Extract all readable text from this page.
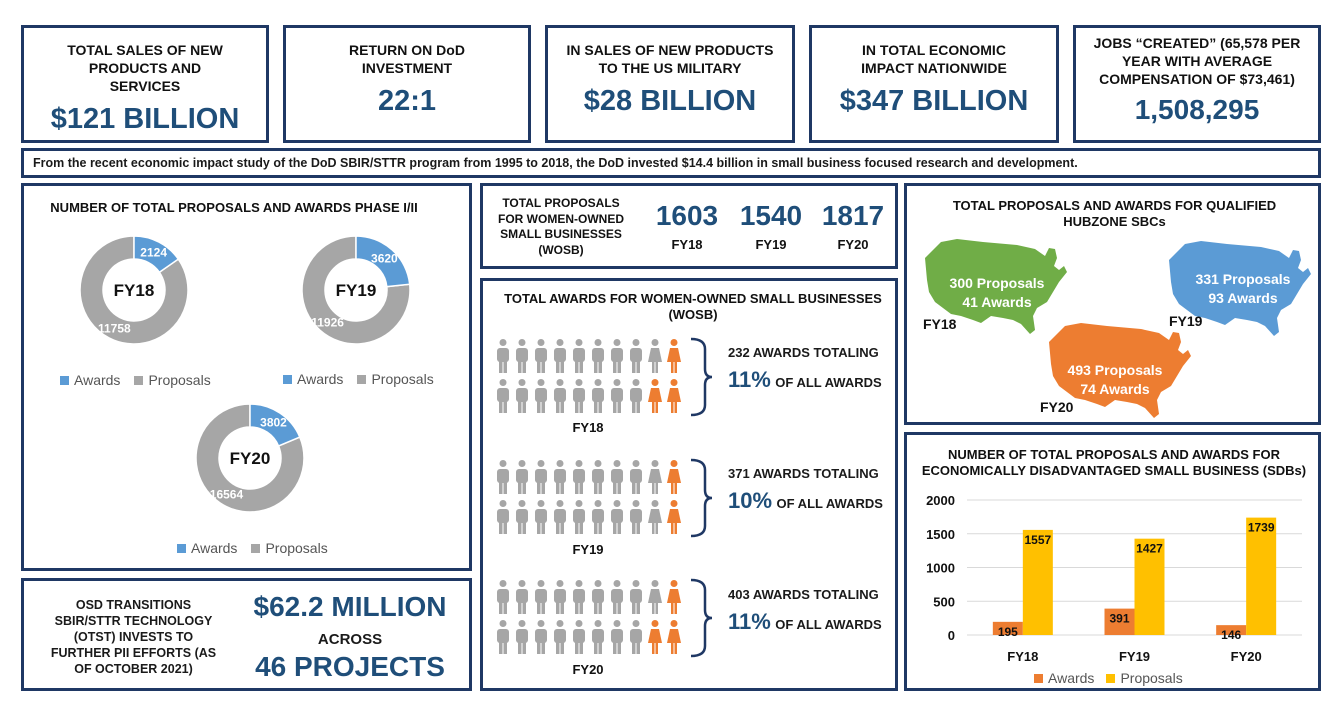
TOTAL SALES OF NEW PRODUCTS AND SERVICES
$121 BILLION
RETURN ON DoD INVESTMENT
22:1
IN SALES OF NEW PRODUCTS TO THE US MILITARY
$28 BILLION
IN TOTAL ECONOMIC IMPACT NATIONWIDE
$347 BILLION
JOBS “CREATED” (65,578 PER YEAR WITH AVERAGE COMPENSATION OF $73,461)
1,508,295
From the recent economic impact study of the DoD SBIR/STTR program from 1995 to 2018, the DoD invested $14.4 billion in small business focused research and development.
NUMBER OF TOTAL PROPOSALS AND AWARDS PHASE I/II
2124
11758
FY18
3620
11926
FY19
3802
16564
FY20
Awards Proposals	Awards Proposals
Awards Proposals
OSD TRANSITIONS SBIR/STTR TECHNOLOGY (OTST) INVESTS TO FURTHER PII EFFORTS (AS OF OCTOBER 2021)
$62.2 MILLION
ACROSS
46 PROJECTS
TOTAL PROPOSALS FOR WOMEN-OWNED SMALL BUSINESSES (WOSB)
1603 1540 1817
FY18	FY19	FY20
TOTAL AWARDS FOR WOMEN-OWNED SMALL BUSINESSES (WOSB)
FY18
232 AWARDS TOTALING
11% OF ALL AWARDS
FY19
371 AWARDS TOTALING
10% OF ALL AWARDS
FY20
403 AWARDS TOTALING
11% OF ALL AWARDS
TOTAL PROPOSALS AND AWARDS FOR QUALIFIED HUBZONE SBCs
300 Proposals
41 Awards
FY18
331 Proposals
93 Awards
FY19
493 Proposals
74 Awards
FY20
NUMBER OF TOTAL PROPOSALS AND AWARDS FOR ECONOMICALLY DISADVANTAGED SMALL BUSINESS (SDBs)
0
500
1000
1500
2000
195
1557
FY18
391
1427
FY19
146
1739
FY20
Awards Proposals
